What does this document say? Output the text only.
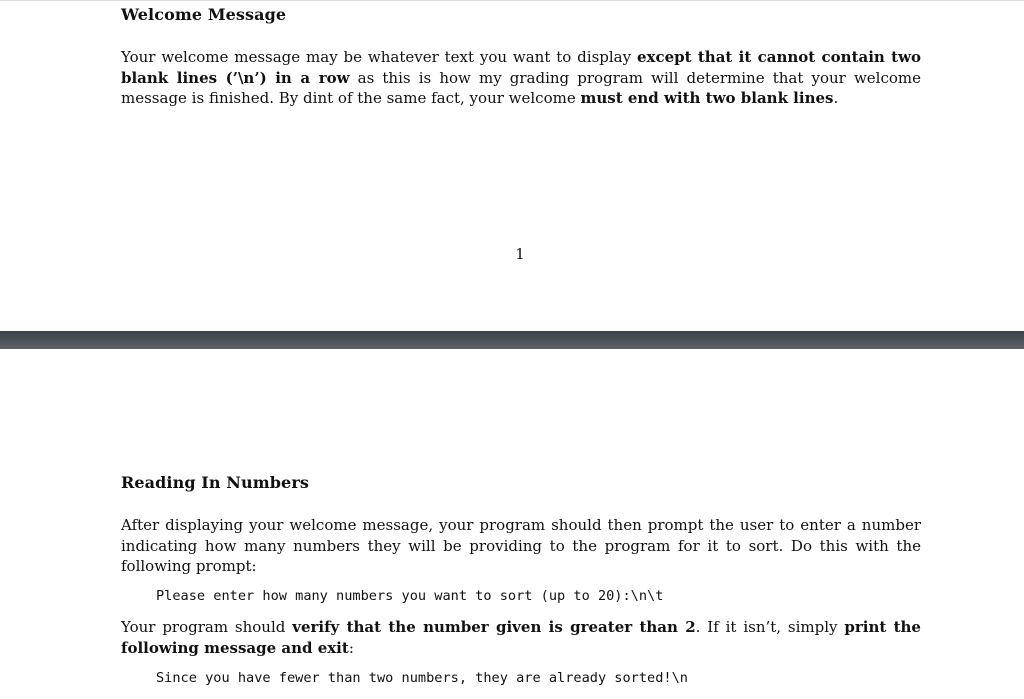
Welcome Message

Your welcome message may be whatever text you want to display except that it cannot contain two blank lines (’\n’) in a row as this is how my grading program will determine that your welcome message is finished. By dint of the same fact, your welcome must end with two blank lines.

1
Reading In Numbers

After displaying your welcome message, your program should then prompt the user to enter a number indicating how many numbers they will be providing to the program for it to sort. Do this with the following prompt:

Please enter how many numbers you want to sort (up to 20):\n\t

Your program should verify that the number given is greater than 2. If it isn’t, simply print the following message and exit:

Since you have fewer than two numbers, they are already sorted!\n
